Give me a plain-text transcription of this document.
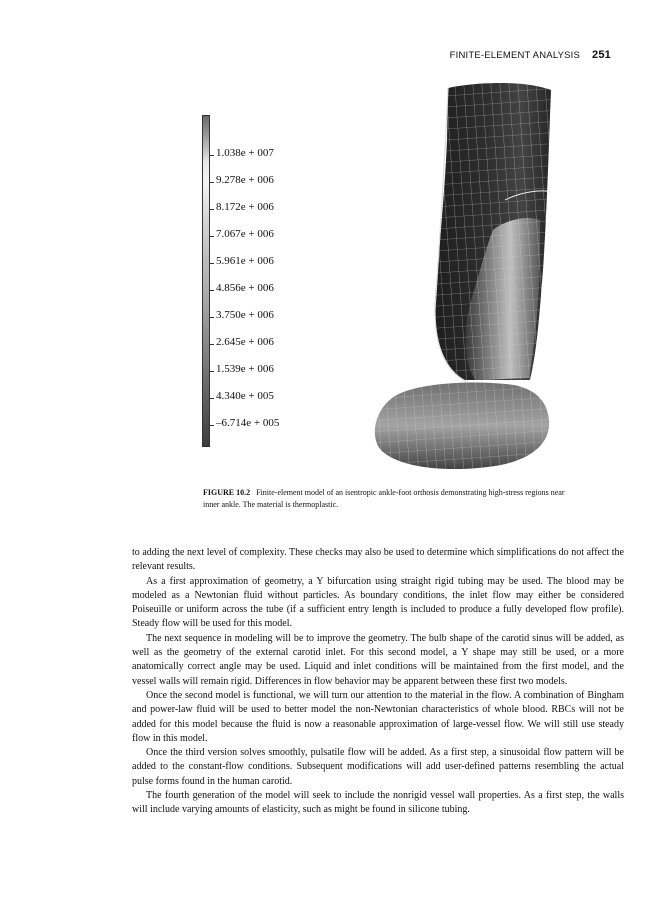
FINITE-ELEMENT ANALYSIS 251
1.038e + 007
9.278e + 006
8.172e + 006
7.067e + 006
5.961e + 006
4.856e + 006
3.750e + 006
2.645e + 006
1.539e + 006
4.340e + 005
–6.714e + 005
FIGURE 10.2 Finite-element model of an isentropic ankle-foot orthosis demonstrating high-stress regions near inner ankle. The material is thermoplastic.

to adding the next level of complexity. These checks may also be used to determine which simplifications do not affect the relevant results.

As a first approximation of geometry, a Y bifurcation using straight rigid tubing may be used. The blood may be modeled as a Newtonian fluid without particles. As boundary conditions, the inlet flow may either be considered Poiseuille or uniform across the tube (if a sufficient entry length is included to produce a fully developed flow profile). Steady flow will be used for this model.

The next sequence in modeling will be to improve the geometry. The bulb shape of the carotid sinus will be added, as well as the geometry of the external carotid inlet. For this second model, a Y shape may still be used, or a more anatomically correct angle may be used. Liquid and inlet conditions will be maintained from the first model, and the vessel walls will remain rigid. Differences in flow behavior may be apparent between these first two models.

Once the second model is functional, we will turn our attention to the material in the flow. A combination of Bingham and power-law fluid will be used to better model the non-Newtonian characteristics of whole blood. RBCs will not be added for this model because the fluid is now a reasonable approximation of large-vessel flow. We will still use steady flow in this model.

Once the third version solves smoothly, pulsatile flow will be added. As a first step, a sinusoidal flow pattern will be added to the constant-flow conditions. Subsequent modifications will add user-defined patterns resembling the actual pulse forms found in the human carotid.

The fourth generation of the model will seek to include the nonrigid vessel wall properties. As a first step, the walls will include varying amounts of elasticity, such as might be found in silicone tubing.
